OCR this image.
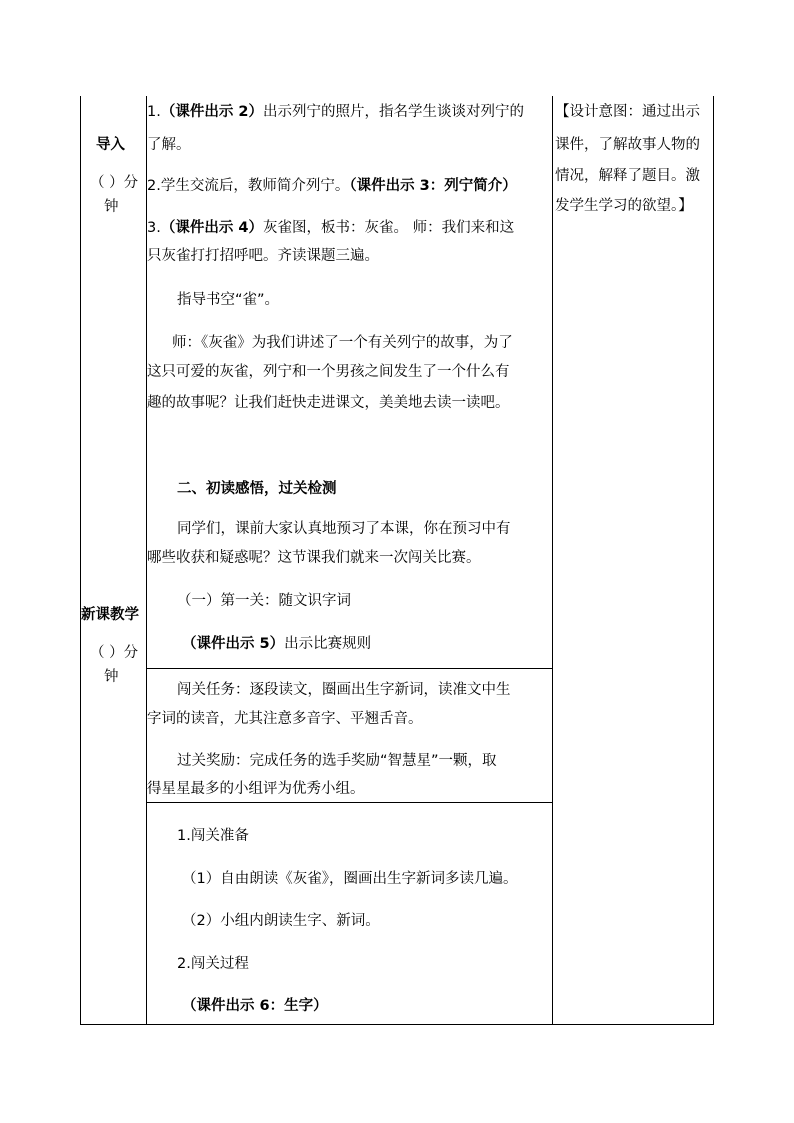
导入
（ ）分
钟
新课教学
（ ）分
钟
【设计意图：通过出示
课件，了解故事人物的
情况，解释了题目。激
发学生学习的欲望。】
1.（课件出示 2）出示列宁的照片，指名学生谈谈对列宁的
了解。
2.学生交流后，教师简介列宁。（课件出示 3：列宁简介）
3.（课件出示 4）灰雀图，板书：灰雀。 师：我们来和这
只灰雀打打招呼吧。齐读课题三遍。
指导书空“雀”。
师：《灰雀》为我们讲述了一个有关列宁的故事，为了
这只可爱的灰雀，列宁和一个男孩之间发生了一个什么有
趣的故事呢？让我们赶快走进课文，美美地去读一读吧。
二、初读感悟，过关检测
同学们，课前大家认真地预习了本课，你在预习中有
哪些收获和疑惑呢？这节课我们就来一次闯关比赛。
（一）第一关：随文识字词
（课件出示 5）出示比赛规则
闯关任务：逐段读文，圈画出生字新词，读准文中生
字词的读音，尤其注意多音字、平翘舌音。
过关奖励：完成任务的选手奖励“智慧星”一颗，取
得星星最多的小组评为优秀小组。
1.闯关准备
（1）自由朗读《灰雀》，圈画出生字新词多读几遍。
（2）小组内朗读生字、新词。
2.闯关过程
（课件出示 6：生字）
